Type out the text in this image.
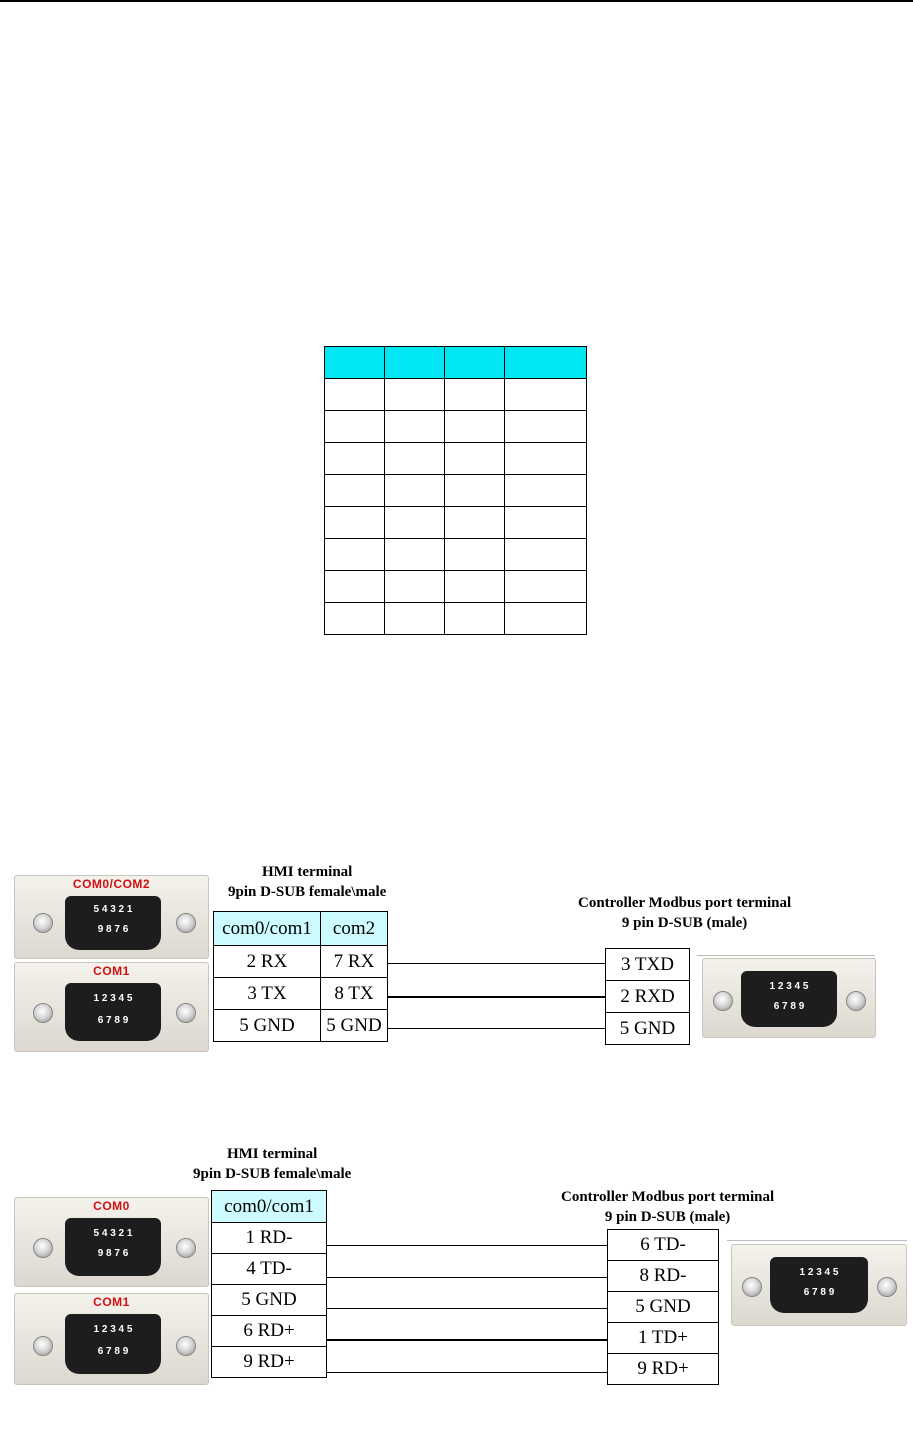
HMI terminal
9pin D-SUB female\male
Controller Modbus port terminal
9 pin D-SUB (male)
COM0/COM2
5 4 3 2 1
9 8 7 6
COM1
1 2 3 4 5
6 7 8 9
com0/com1	com2
2 RX	7 RX
3 TX	8 TX
5 GND	5 GND
3 TXD
2 RXD
5 GND
1 2 3 4 5
6 7 8 9
HMI terminal
9pin D-SUB female\male
Controller Modbus port terminal
9 pin D-SUB (male)
COM0
5 4 3 2 1
9 8 7 6
COM1
1 2 3 4 5
6 7 8 9
com0/com1
1 RD-
4 TD-
5 GND
6 RD+
9 RD+
6 TD-
8 RD-
5 GND
1 TD+
9 RD+
1 2 3 4 5
6 7 8 9
